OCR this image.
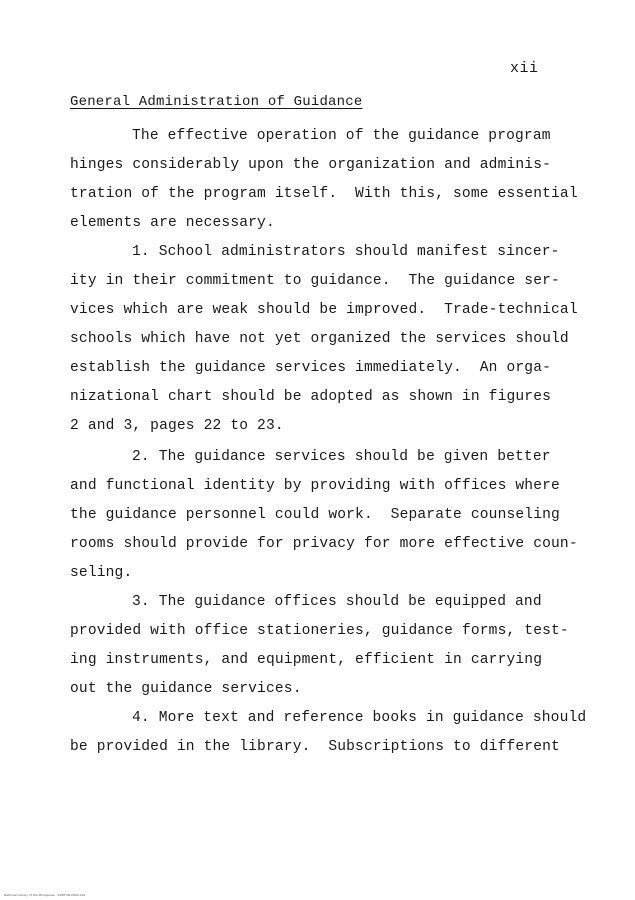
xii
General Administration of Guidance
The effective operation of the guidance program
hinges considerably upon the organization and adminis-
tration of the program itself.  With this, some essential
elements are necessary.
1. School administrators should manifest sincer-
ity in their commitment to guidance.  The guidance ser-
vices which are weak should be improved.  Trade-technical
schools which have not yet organized the services should
establish the guidance services immediately.  An orga-
nizational chart should be adopted as shown in figures
2 and 3, pages 22 to 23.
2. The guidance services should be given better
and functional identity by providing with offices where
the guidance personnel could work.  Separate counseling
rooms should provide for privacy for more effective coun-
seling.
3. The guidance offices should be equipped and
provided with office stationeries, guidance forms, test-
ing instruments, and equipment, efficient in carrying
out the guidance services.
4. More text and reference books in guidance should
be provided in the library.  Subscriptions to different
National Library of the Philippines · ILPDF/IR-2009-210
